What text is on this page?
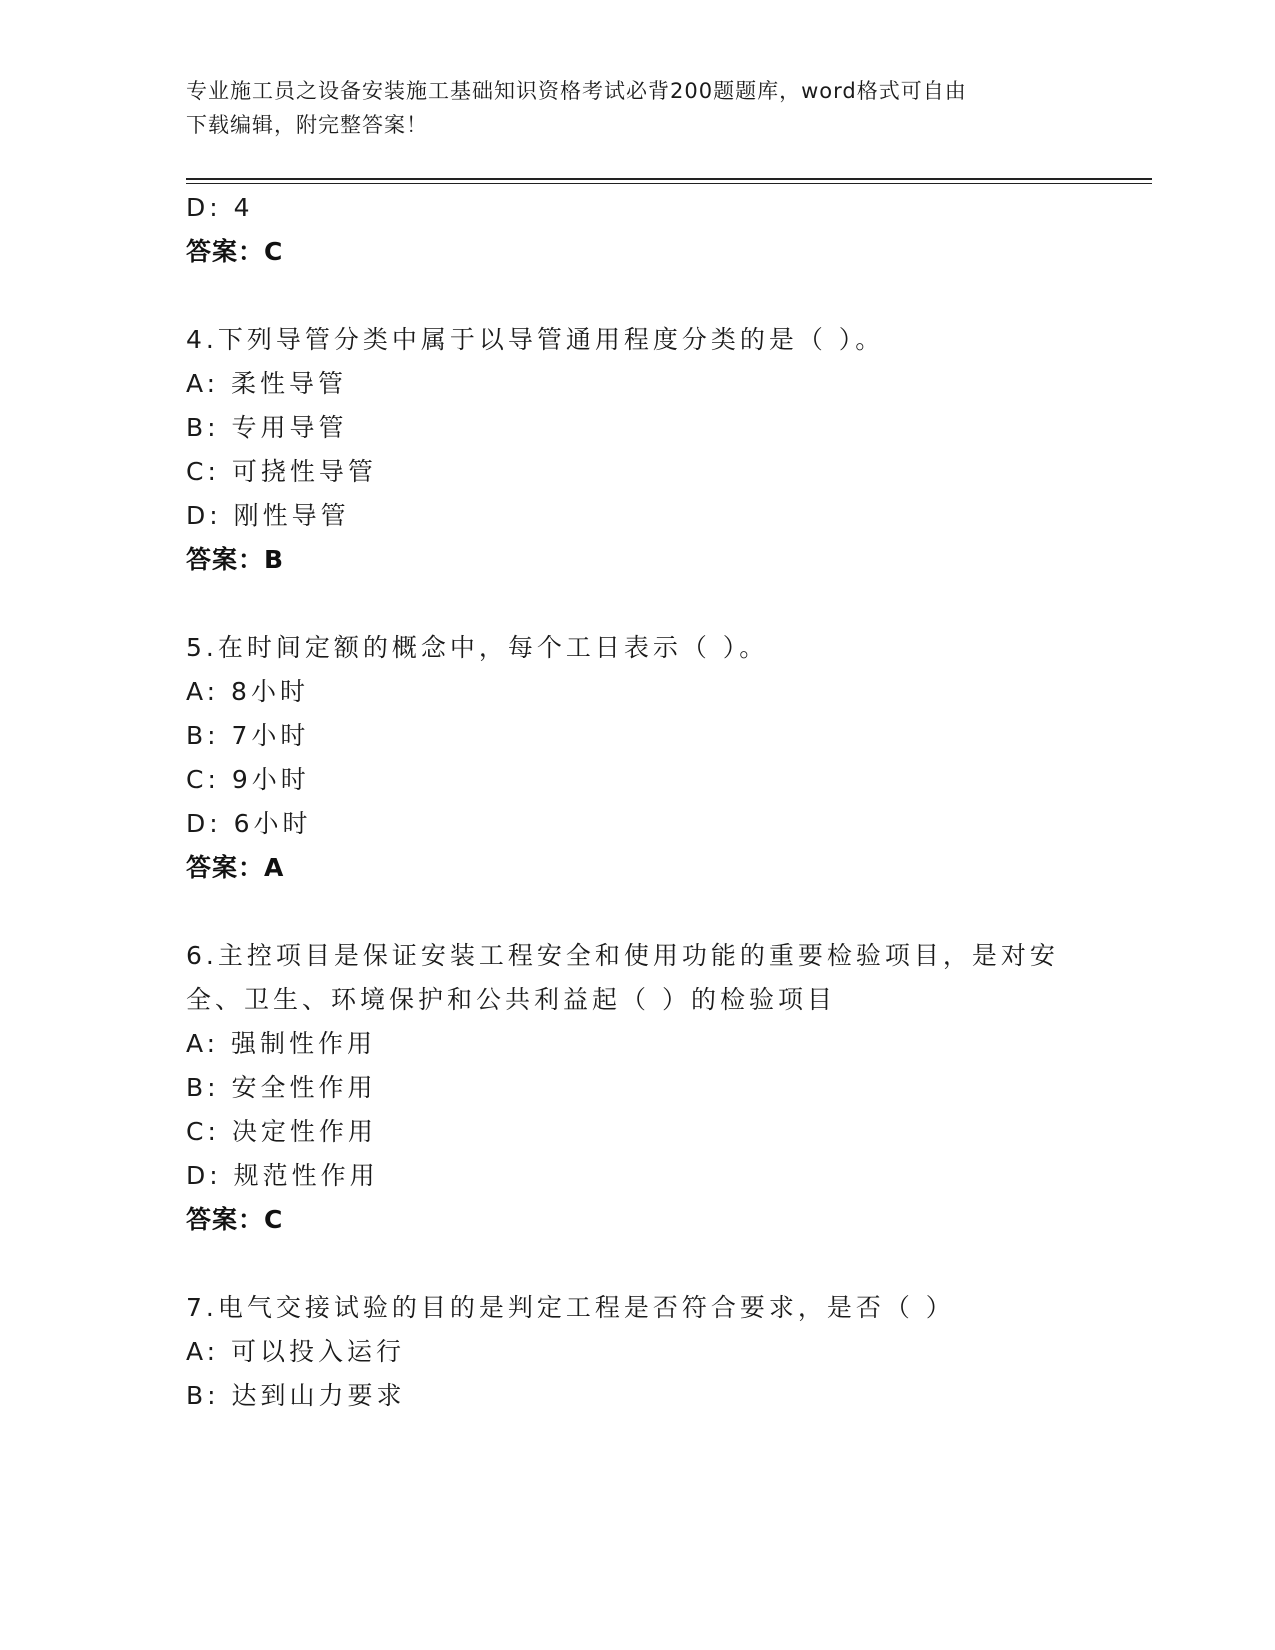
专业施工员之设备安装施工基础知识资格考试必背200题题库，word格式可自由
下载编辑，附完整答案！
D: 4
答案：C
4.下列导管分类中属于以导管通用程度分类的是（ ）。
A: 柔性导管
B: 专用导管
C: 可挠性导管
D: 刚性导管
答案：B
5.在时间定额的概念中，每个工日表示（ ）。
A: 8小时
B: 7小时
C: 9小时
D: 6小时
答案：A
6.主控项目是保证安装工程安全和使用功能的重要检验项目，是对安
全、卫生、环境保护和公共利益起（ ）的检验项目
A: 强制性作用
B: 安全性作用
C: 决定性作用
D: 规范性作用
答案：C
7.电气交接试验的目的是判定工程是否符合要求，是否（ ）
A: 可以投入运行
B: 达到山力要求
